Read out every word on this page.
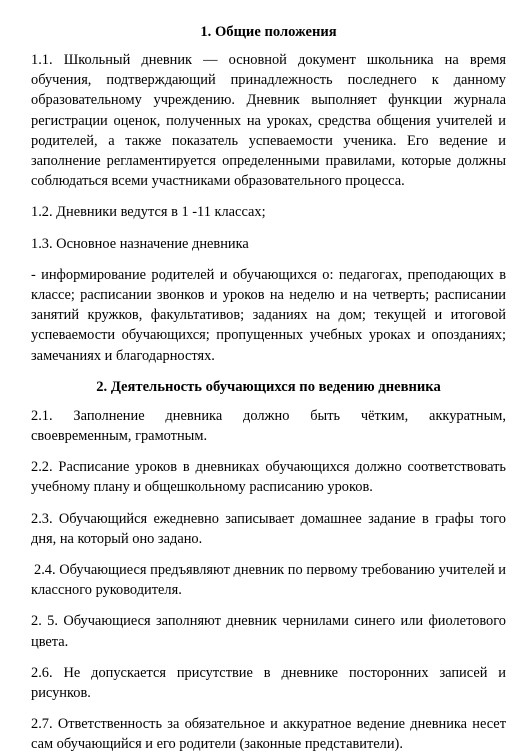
1. Общие положения

1.1. Школьный дневник — основной документ школьника на время обучения, подтверждающий принадлежность последнего к данному образовательному учреждению. Дневник выполняет функции журнала регистрации оценок, полученных на уроках, средства общения учителей и родителей, а также показатель успеваемости ученика. Его ведение и заполнение регламентируется определенными правилами, которые должны соблюдаться всеми участниками образовательного процесса.

1.2. Дневники ведутся в 1 -11 классах;

1.3. Основное назначение дневника

- информирование родителей и обучающихся о: педагогах, преподающих в классе; расписании звонков и уроков на неделю и на четверть; расписании занятий кружков, факультативов; заданиях на дом; текущей и итоговой успеваемости обучающихся; пропущенных учебных уроках и опозданиях; замечаниях и благодарностях.

2. Деятельность обучающихся по ведению дневника

2.1. Заполнение дневника должно быть чётким, аккуратным, своевременным, грамотным.

2.2. Расписание уроков в дневниках обучающихся должно соответствовать учебному плану и общешкольному расписанию уроков.

2.3. Обучающийся ежедневно записывает домашнее задание в графы того дня, на который оно задано.

2.4. Обучающиеся предъявляют дневник по первому требованию учителей и классного руководителя.

2. 5. Обучающиеся заполняют дневник чернилами синего или фиолетового цвета.

2.6. Не допускается присутствие в дневнике посторонних записей и рисунков.

2.7. Ответственность за обязательное и аккуратное ведение дневника несет сам обучающийся и его родители (законные представители).
